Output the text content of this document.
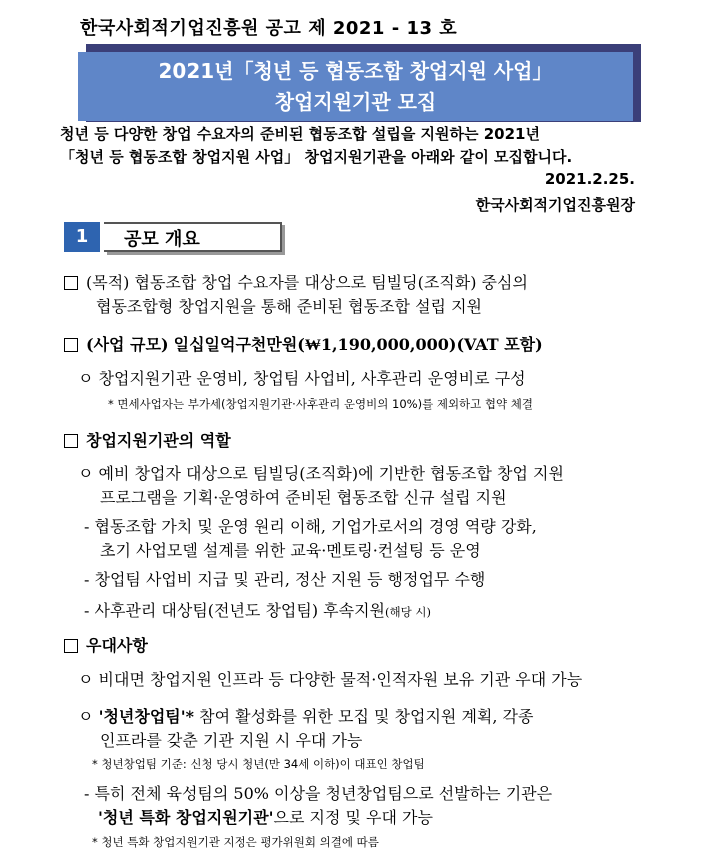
한국사회적기업진흥원 공고 제 2021 - 13 호
2021년「청년 등 협동조합 창업지원 사업」
창업지원기관 모집
청년 등 다양한 창업 수요자의 준비된 협동조합 설립을 지원하는 2021년
「청년 등 협동조합 창업지원 사업」 창업지원기관을 아래와 같이 모집합니다.
2021.2.25.
한국사회적기업진흥원장
1	공모 개요
(목적) 협동조합 창업 수요자를 대상으로 팀빌딩(조직화) 중심의
협동조합형 창업지원을 통해 준비된 협동조합 설립 지원
(사업 규모) 일십일억구천만원(₩1,190,000,000)(VAT 포함)
ㅇ 창업지원기관 운영비, 창업팀 사업비, 사후관리 운영비로 구성
* 면세사업자는 부가세(창업지원기관·사후관리 운영비의 10%)를 제외하고 협약 체결
창업지원기관의 역할
ㅇ 예비 창업자 대상으로 팀빌딩(조직화)에 기반한 협동조합 창업 지원
프로그램을 기획·운영하여 준비된 협동조합 신규 설립 지원
- 협동조합 가치 및 운영 원리 이해, 기업가로서의 경영 역량 강화,
초기 사업모델 설계를 위한 교육·멘토링·컨설팅 등 운영
- 창업팀 사업비 지급 및 관리, 정산 지원 등 행정업무 수행
- 사후관리 대상팀(전년도 창업팀) 후속지원(해당 시)
우대사항
ㅇ 비대면 창업지원 인프라 등 다양한 물적·인적자원 보유 기관 우대 가능
ㅇ '청년창업팀'* 참여 활성화를 위한 모집 및 창업지원 계획, 각종
인프라를 갖춘 기관 지원 시 우대 가능
* 청년창업팀 기준: 신청 당시 청년(만 34세 이하)이 대표인 창업팀
- 특히 전체 육성팀의 50% 이상을 청년창업팀으로 선발하는 기관은
'청년 특화 창업지원기관'으로 지정 및 우대 가능
* 청년 특화 창업지원기관 지정은 평가위원회 의결에 따름
